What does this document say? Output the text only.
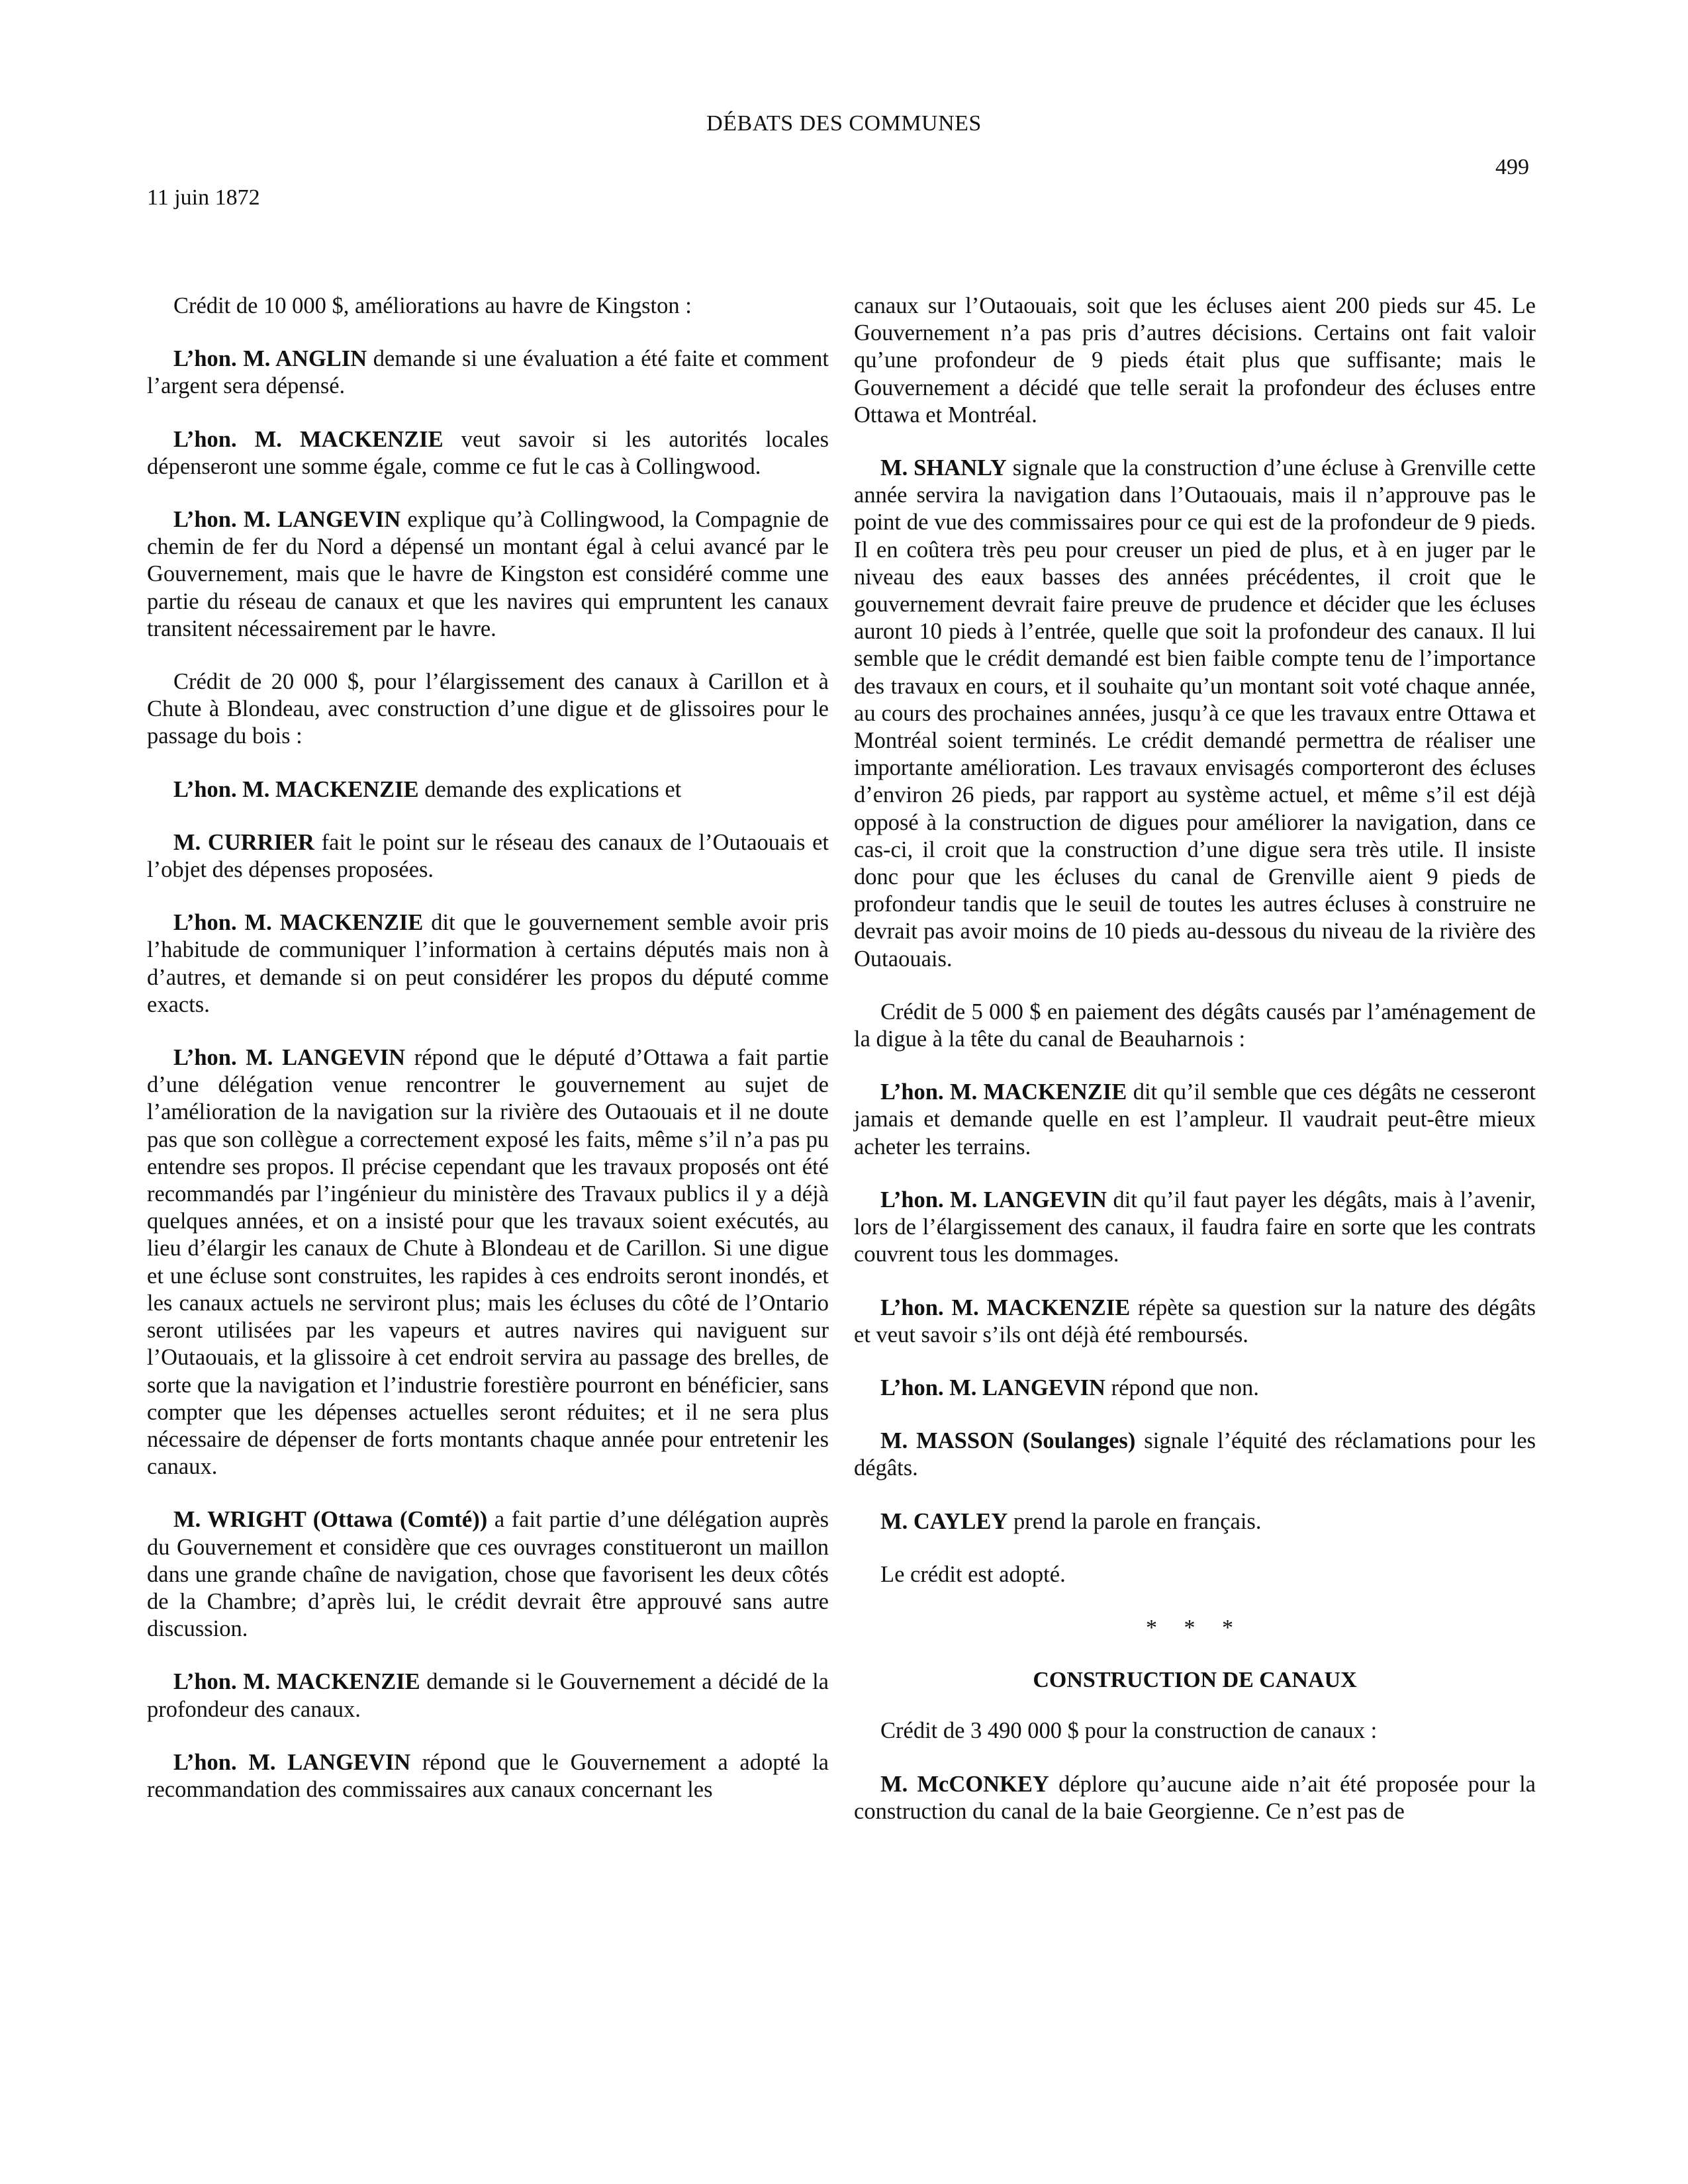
DÉBATS DES COMMUNES
499
11 juin 1872

Crédit de 10 000 $, améliorations au havre de Kingston :

L’hon. M. ANGLIN demande si une évaluation a été faite et comment l’argent sera dépensé.

L’hon. M. MACKENZIE veut savoir si les autorités locales dépenseront une somme égale, comme ce fut le cas à Collingwood.

L’hon. M. LANGEVIN explique qu’à Collingwood, la Compagnie de chemin de fer du Nord a dépensé un montant égal à celui avancé par le Gouvernement, mais que le havre de Kingston est considéré comme une partie du réseau de canaux et que les navires qui empruntent les canaux transitent nécessairement par le havre.

Crédit de 20 000 $, pour l’élargissement des canaux à Carillon et à Chute à Blondeau, avec construction d’une digue et de glissoires pour le passage du bois :

L’hon. M. MACKENZIE demande des explications et

M. CURRIER fait le point sur le réseau des canaux de l’Outaouais et l’objet des dépenses proposées.

L’hon. M. MACKENZIE dit que le gouvernement semble avoir pris l’habitude de communiquer l’information à certains députés mais non à d’autres, et demande si on peut considérer les propos du député comme exacts.

L’hon. M. LANGEVIN répond que le député d’Ottawa a fait partie d’une délégation venue rencontrer le gouvernement au sujet de l’amélioration de la navigation sur la rivière des Outaouais et il ne doute pas que son collègue a correctement exposé les faits, même s’il n’a pas pu entendre ses propos. Il précise cependant que les travaux proposés ont été recommandés par l’ingénieur du ministère des Travaux publics il y a déjà quelques années, et on a insisté pour que les travaux soient exécutés, au lieu d’élargir les canaux de Chute à Blondeau et de Carillon. Si une digue et une écluse sont construites, les rapides à ces endroits seront inondés, et les canaux actuels ne serviront plus; mais les écluses du côté de l’Ontario seront utilisées par les vapeurs et autres navires qui naviguent sur l’Outaouais, et la glissoire à cet endroit servira au passage des brelles, de sorte que la navigation et l’industrie forestière pourront en bénéficier, sans compter que les dépenses actuelles seront réduites; et il ne sera plus nécessaire de dépenser de forts montants chaque année pour entretenir les canaux.

M. WRIGHT (Ottawa (Comté)) a fait partie d’une délégation auprès du Gouvernement et considère que ces ouvrages constitueront un maillon dans une grande chaîne de navigation, chose que favorisent les deux côtés de la Chambre; d’après lui, le crédit devrait être approuvé sans autre discussion.

L’hon. M. MACKENZIE demande si le Gouvernement a décidé de la profondeur des canaux.

L’hon. M. LANGEVIN répond que le Gouvernement a adopté la recommandation des commissaires aux canaux concernant les

canaux sur l’Outaouais, soit que les écluses aient 200 pieds sur 45. Le Gouvernement n’a pas pris d’autres décisions. Certains ont fait valoir qu’une profondeur de 9 pieds était plus que suffisante; mais le Gouvernement a décidé que telle serait la profondeur des écluses entre Ottawa et Montréal.

M. SHANLY signale que la construction d’une écluse à Grenville cette année servira la navigation dans l’Outaouais, mais il n’approuve pas le point de vue des commissaires pour ce qui est de la profondeur de 9 pieds. Il en coûtera très peu pour creuser un pied de plus, et à en juger par le niveau des eaux basses des années précédentes, il croit que le gouvernement devrait faire preuve de prudence et décider que les écluses auront 10 pieds à l’entrée, quelle que soit la profondeur des canaux. Il lui semble que le crédit demandé est bien faible compte tenu de l’importance des travaux en cours, et il souhaite qu’un montant soit voté chaque année, au cours des prochaines années, jusqu’à ce que les travaux entre Ottawa et Montréal soient terminés. Le crédit demandé permettra de réaliser une importante amélioration. Les travaux envisagés comporteront des écluses d’environ 26 pieds, par rapport au système actuel, et même s’il est déjà opposé à la construction de digues pour améliorer la navigation, dans ce cas-ci, il croit que la construction d’une digue sera très utile. Il insiste donc pour que les écluses du canal de Grenville aient 9 pieds de profondeur tandis que le seuil de toutes les autres écluses à construire ne devrait pas avoir moins de 10 pieds au-dessous du niveau de la rivière des Outaouais.

Crédit de 5 000 $ en paiement des dégâts causés par l’aménagement de la digue à la tête du canal de Beauharnois :

L’hon. M. MACKENZIE dit qu’il semble que ces dégâts ne cesseront jamais et demande quelle en est l’ampleur. Il vaudrait peut-être mieux acheter les terrains.

L’hon. M. LANGEVIN dit qu’il faut payer les dégâts, mais à l’avenir, lors de l’élargissement des canaux, il faudra faire en sorte que les contrats couvrent tous les dommages.

L’hon. M. MACKENZIE répète sa question sur la nature des dégâts et veut savoir s’ils ont déjà été remboursés.

L’hon. M. LANGEVIN répond que non.

M. MASSON (Soulanges) signale l’équité des réclamations pour les dégâts.

M. CAYLEY prend la parole en français.

Le crédit est adopté.

* * *
CONSTRUCTION DE CANAUX

Crédit de 3 490 000 $ pour la construction de canaux :

M. McCONKEY déplore qu’aucune aide n’ait été proposée pour la construction du canal de la baie Georgienne. Ce n’est pas de
